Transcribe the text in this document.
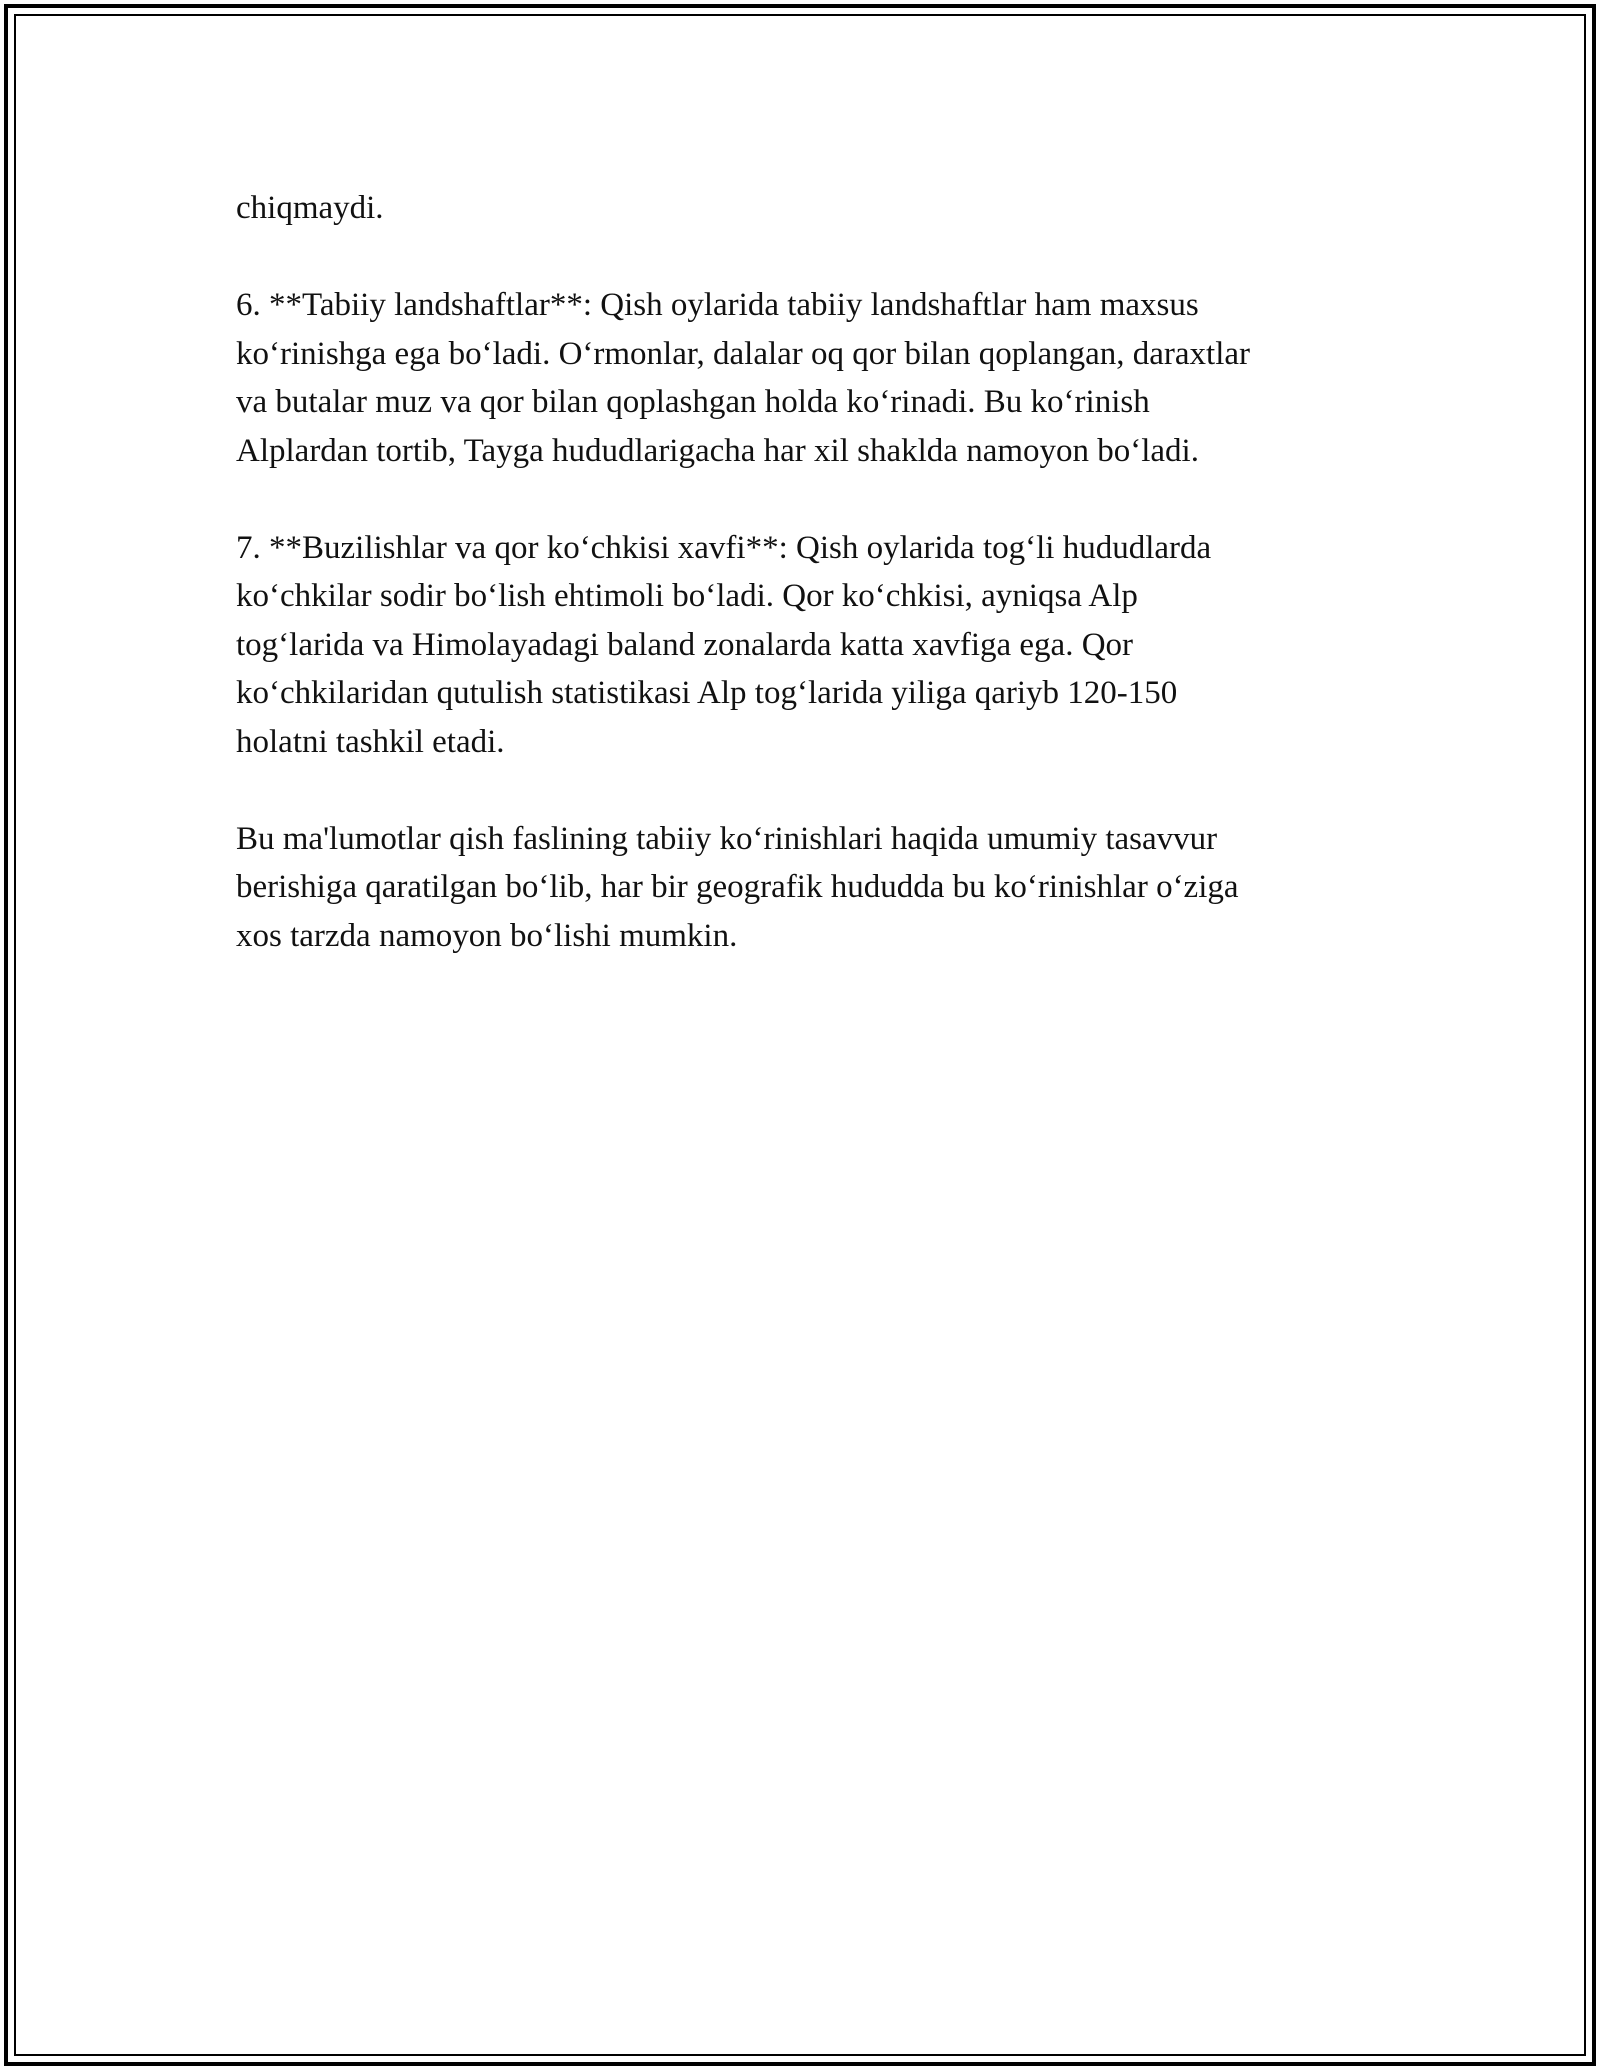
chiqmaydi.

6. **Tabiiy landshaftlar**: Qish oylarida tabiiy landshaftlar ham maxsus
ko‘rinishga ega bo‘ladi. O‘rmonlar, dalalar oq qor bilan qoplangan, daraxtlar
va butalar muz va qor bilan qoplashgan holda ko‘rinadi. Bu ko‘rinish
Alplardan tortib, Tayga hududlarigacha har xil shaklda namoyon bo‘ladi.

7. **Buzilishlar va qor ko‘chkisi xavfi**: Qish oylarida tog‘li hududlarda
ko‘chkilar sodir bo‘lish ehtimoli bo‘ladi. Qor ko‘chkisi, ayniqsa Alp
tog‘larida va Himolayadagi baland zonalarda katta xavfiga ega. Qor
ko‘chkilaridan qutulish statistikasi Alp tog‘larida yiliga qariyb 120-150
holatni tashkil etadi.

Bu ma'lumotlar qish faslining tabiiy ko‘rinishlari haqida umumiy tasavvur
berishiga qaratilgan bo‘lib, har bir geografik hududda bu ko‘rinishlar o‘ziga
xos tarzda namoyon bo‘lishi mumkin.
